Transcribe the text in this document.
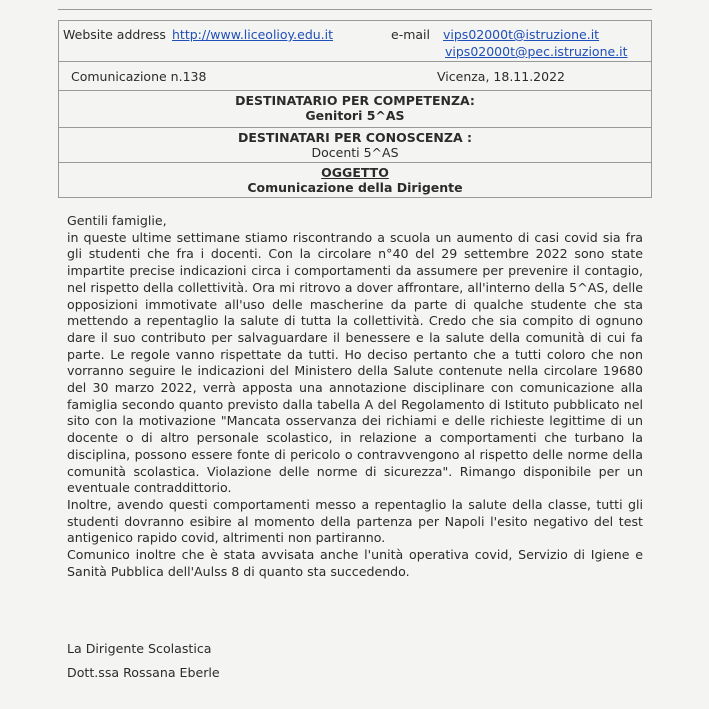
Website address http://www.liceolioy.edu.it	e-mail vips02000t@istruzione.it
vips02000t@pec.istruzione.it

Comunicazione n.138	Vicenza, 18.11.2022

DESTINATARIO PER COMPETENZA:
Genitori 5^AS

DESTINATARI PER CONOSCENZA :
Docenti 5^AS

OGGETTO
Comunicazione della Dirigente

Gentili famiglie,

in queste ultime settimane stiamo riscontrando a scuola un aumento di casi covid sia fra gli studenti che fra i docenti. Con la circolare n°40 del 29 settembre 2022 sono state impartite precise indicazioni circa i comportamenti da assumere per prevenire il contagio, nel rispetto della collettività. Ora mi ritrovo a dover affrontare, all'interno della 5^AS, delle opposizioni immotivate all'uso delle mascherine da parte di qualche studente che sta mettendo a repentaglio la salute di tutta la collettività. Credo che sia compito di ognuno dare il suo contributo per salvaguardare il benessere e la salute della comunità di cui fa parte. Le regole vanno rispettate da tutti. Ho deciso pertanto che a tutti coloro che non vorranno seguire le indicazioni del Ministero della Salute contenute nella circolare 19680 del 30 marzo 2022, verrà apposta una annotazione disciplinare con comunicazione alla famiglia secondo quanto previsto dalla tabella A del Regolamento di Istituto pubblicato nel sito con la motivazione "Mancata osservanza dei richiami e delle richieste legittime di un docente o di altro personale scolastico, in relazione a comportamenti che turbano la disciplina, possono essere fonte di pericolo o contravvengono al rispetto delle norme della comunità scolastica. Violazione delle norme di sicurezza". Rimango disponibile per un eventuale contraddittorio.

Inoltre, avendo questi comportamenti messo a repentaglio la salute della classe, tutti gli studenti dovranno esibire al momento della partenza per Napoli l'esito negativo del test antigenico rapido covid, altrimenti non partiranno.

Comunico inoltre che è stata avvisata anche l'unità operativa covid, Servizio di Igiene e Sanità Pubblica dell'Aulss 8 di quanto sta succedendo.

La Dirigente Scolastica
Dott.ssa Rossana Eberle
